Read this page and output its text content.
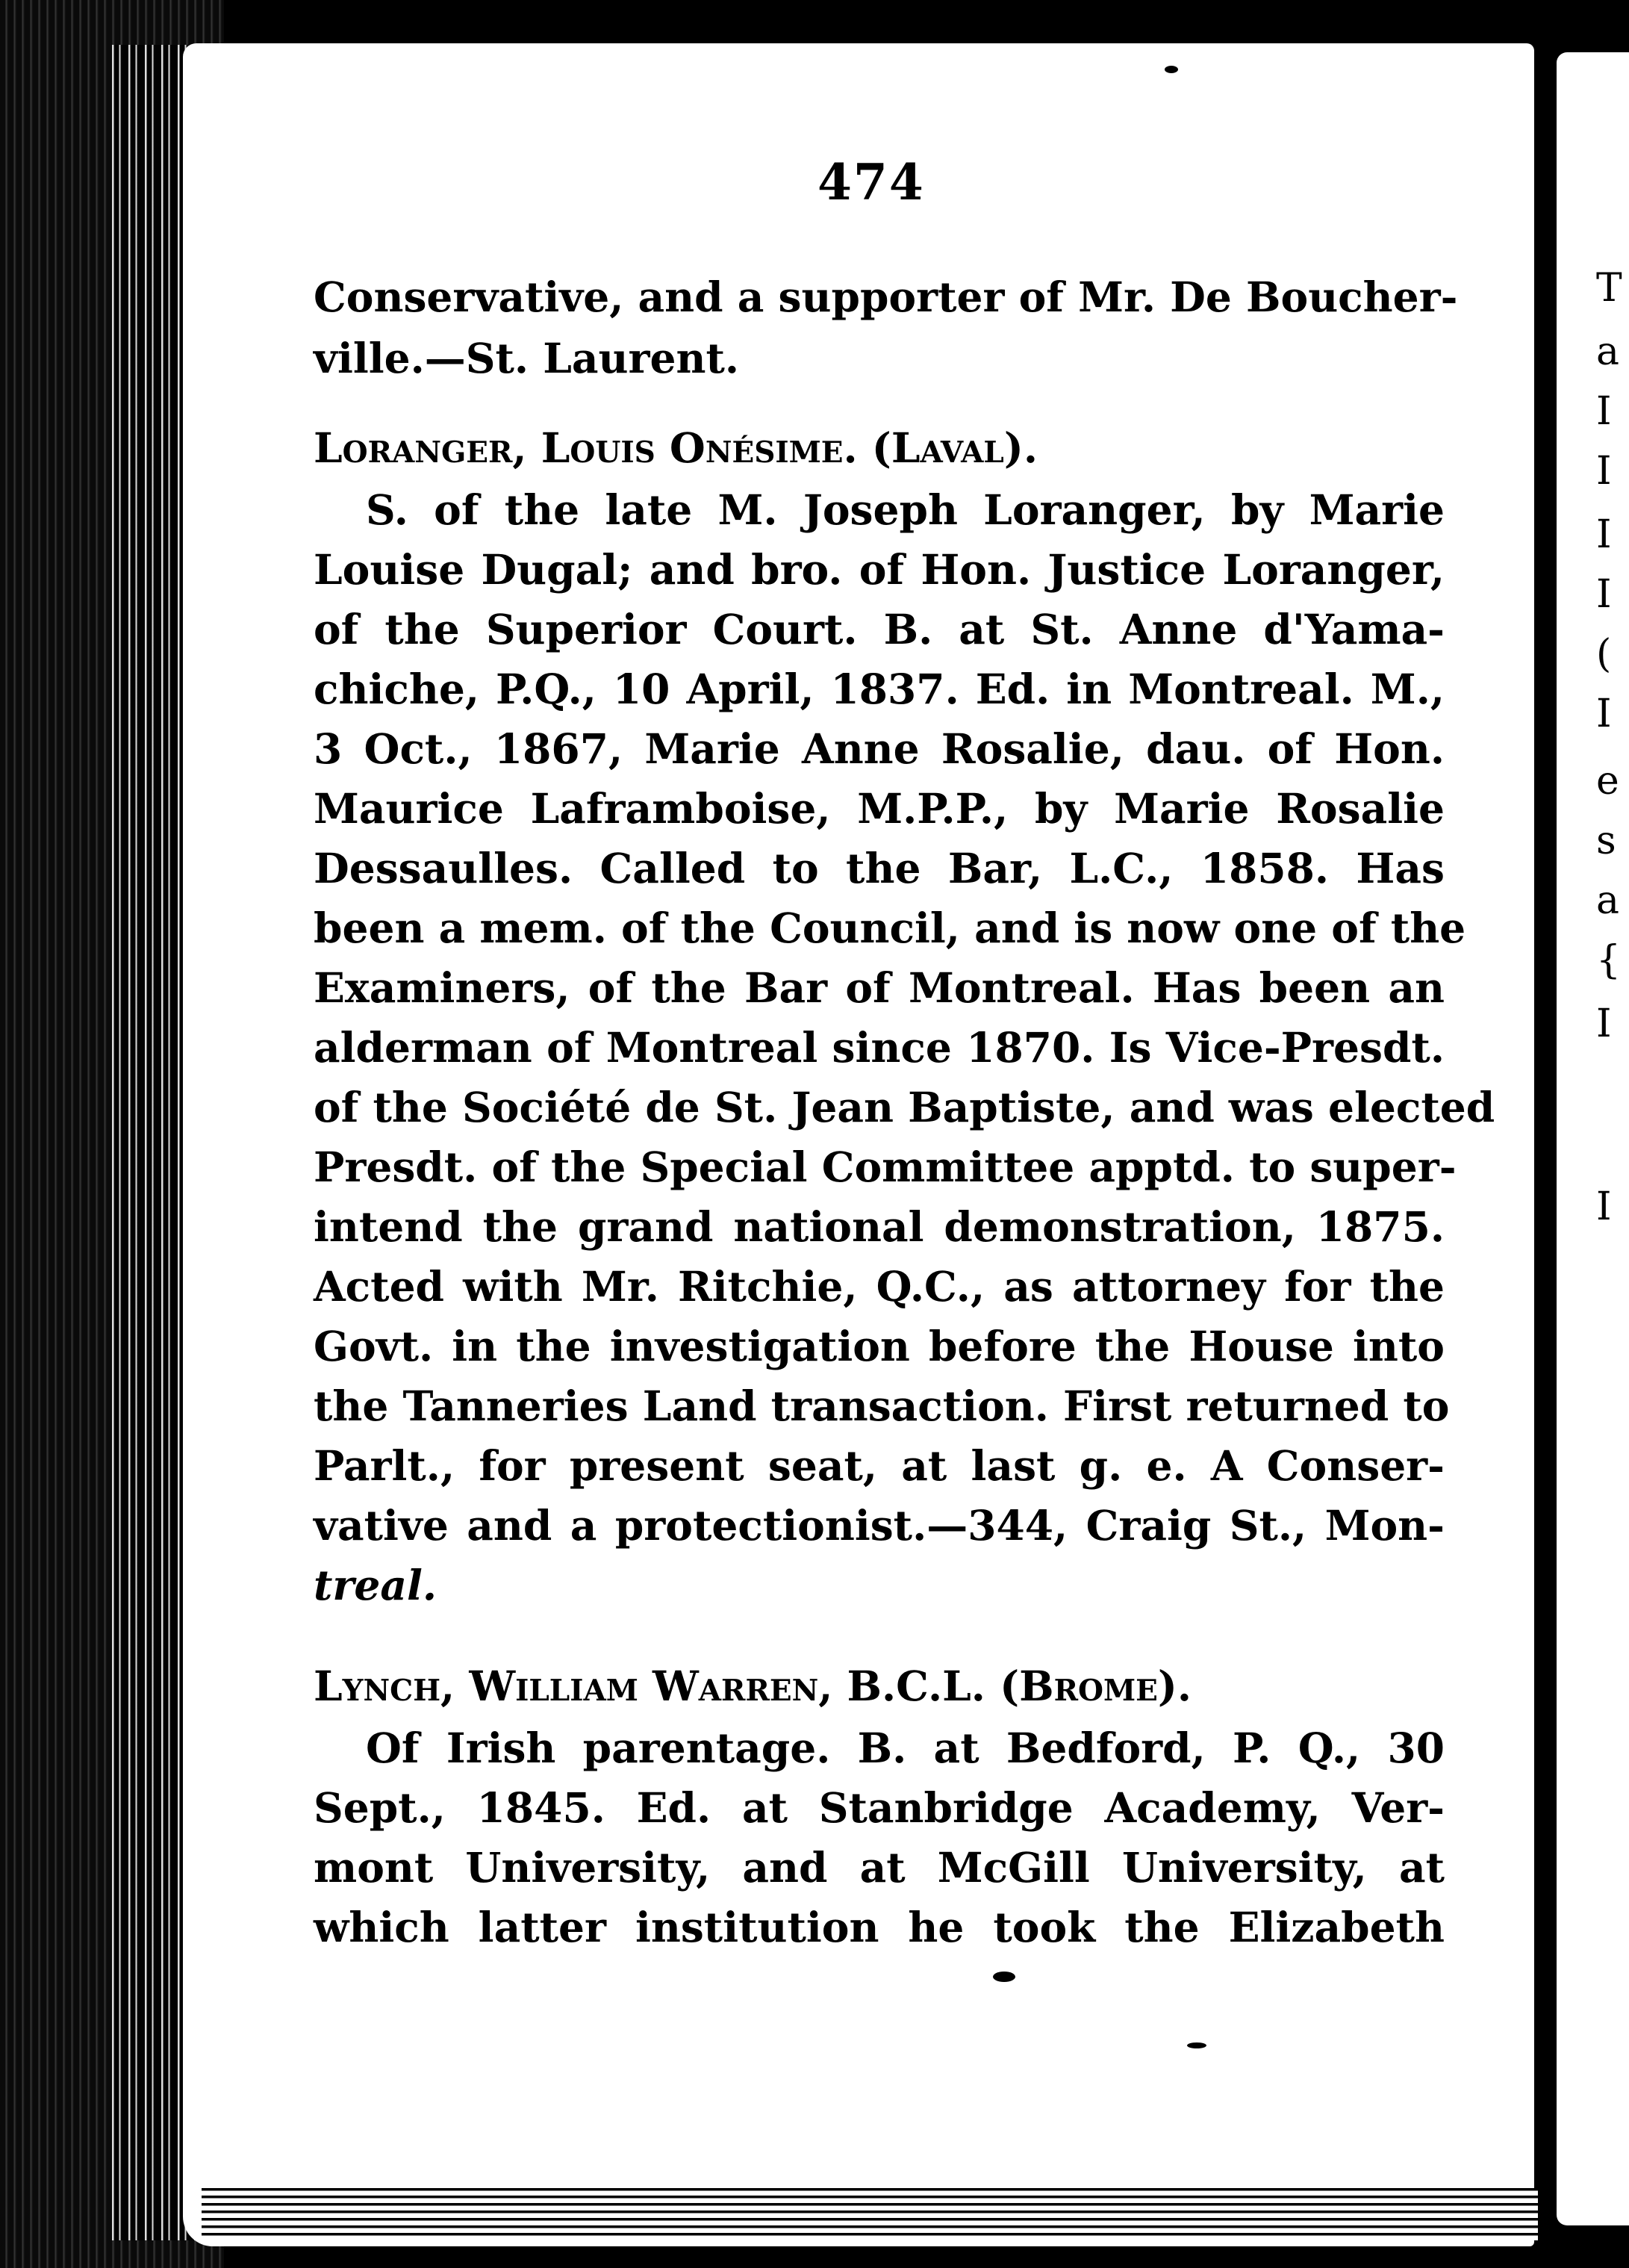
T
a
I
I
I
I
(
I
e
s
a
{
I
I
474
Conservative, and a supporter of Mr. De Boucher-
ville.—St. Laurent.
Loranger, Louis Onésime. (Laval).
S. of the late M. Joseph Loranger, by Marie
Louise Dugal; and bro. of Hon. Justice Loranger,
of the Superior Court. B. at St. Anne d'Yama-
chiche, P.Q., 10 April, 1837. Ed. in Montreal. M.,
3 Oct., 1867, Marie Anne Rosalie, dau. of Hon.
Maurice Laframboise, M.P.P., by Marie Rosalie
Dessaulles. Called to the Bar, L.C., 1858. Has
been a mem. of the Council, and is now one of the
Examiners, of the Bar of Montreal. Has been an
alderman of Montreal since 1870. Is Vice-Presdt.
of the Société de St. Jean Baptiste, and was elected
Presdt. of the Special Committee apptd. to super-
intend the grand national demonstration, 1875.
Acted with Mr. Ritchie, Q.C., as attorney for the
Govt. in the investigation before the House into
the Tanneries Land transaction. First returned to
Parlt., for present seat, at last g. e. A Conser-
vative and a protectionist.—344, Craig St., Mon-
treal.
Lynch, William Warren, B.C.L. (Brome).
Of Irish parentage. B. at Bedford, P. Q., 30
Sept., 1845. Ed. at Stanbridge Academy, Ver-
mont University, and at McGill University, at
which latter institution he took the Elizabeth
